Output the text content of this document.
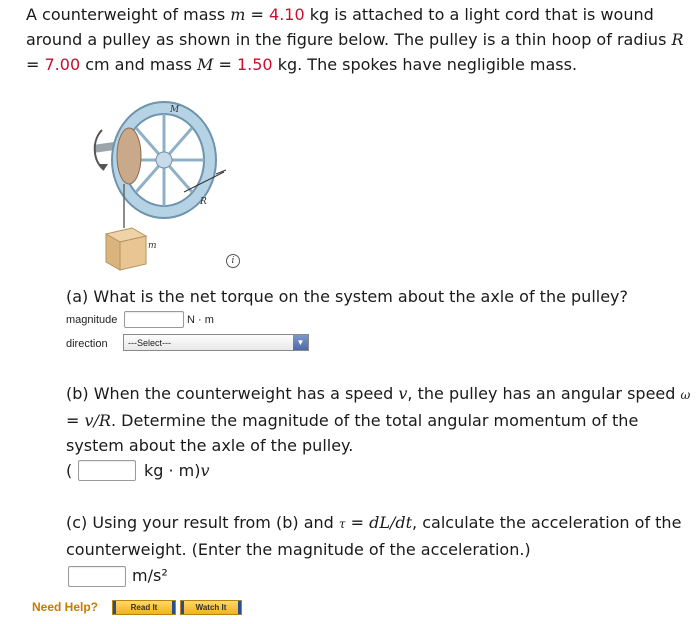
A counterweight of mass m = 4.10 kg is attached to a light cord that is wound around a pulley as shown in the figure below. The pulley is a thin hoop of radius R = 7.00 cm and mass M = 1.50 kg. The spokes have negligible mass.
M
R
m
i
(a) What is the net torque on the system about the axle of the pulley?
magnitude	N · m
direction	---Select---	▼
(b) When the counterweight has a speed v, the pulley has an angular speed ω = v/R. Determine the magnitude of the total angular momentum of the system about the axle of the pulley.
(	kg · m)v
(c) Using your result from (b) and τ = dL/dt, calculate the acceleration of the counterweight. (Enter the magnitude of the acceleration.)
m/s²
Need Help?	Read It	Watch It
